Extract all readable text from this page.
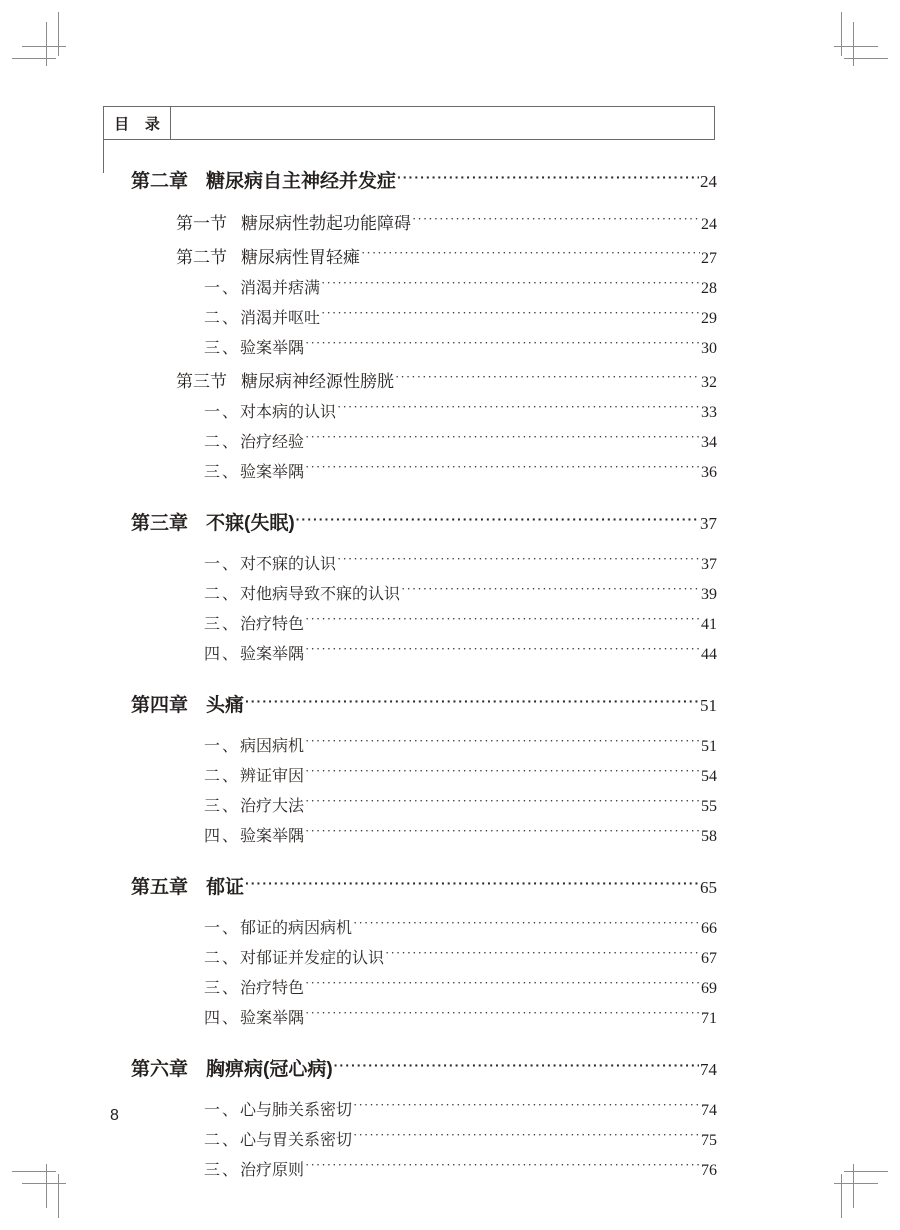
目 录
第二章 糖尿病自主神经并发症 ·····	24
第一节 糖尿病性勃起功能障碍 ·····	24
第二节 糖尿病性胃轻瘫 ·····	27
一、消渴并痞满 ·····	28
二、消渴并呕吐 ·····	29
三、验案举隅 ·····	30
第三节 糖尿病神经源性膀胱 ·····	32
一、对本病的认识 ·····	33
二、治疗经验 ·····	34
三、验案举隅 ·····	36
第三章 不寐(失眠) ·····	37
一、对不寐的认识 ·····	37
二、对他病导致不寐的认识 ·····	39
三、治疗特色 ·····	41
四、验案举隅 ·····	44
第四章 头痛 ·····	51
一、病因病机 ·····	51
二、辨证审因 ·····	54
三、治疗大法 ·····	55
四、验案举隅 ·····	58
第五章 郁证 ·····	65
一、郁证的病因病机 ·····	66
二、对郁证并发症的认识 ·····	67
三、治疗特色 ·····	69
四、验案举隅 ·····	71
第六章 胸痹病(冠心病) ·····	74
一、心与肺关系密切 ·····	74
二、心与胃关系密切 ·····	75
三、治疗原则 ·····	76
8
